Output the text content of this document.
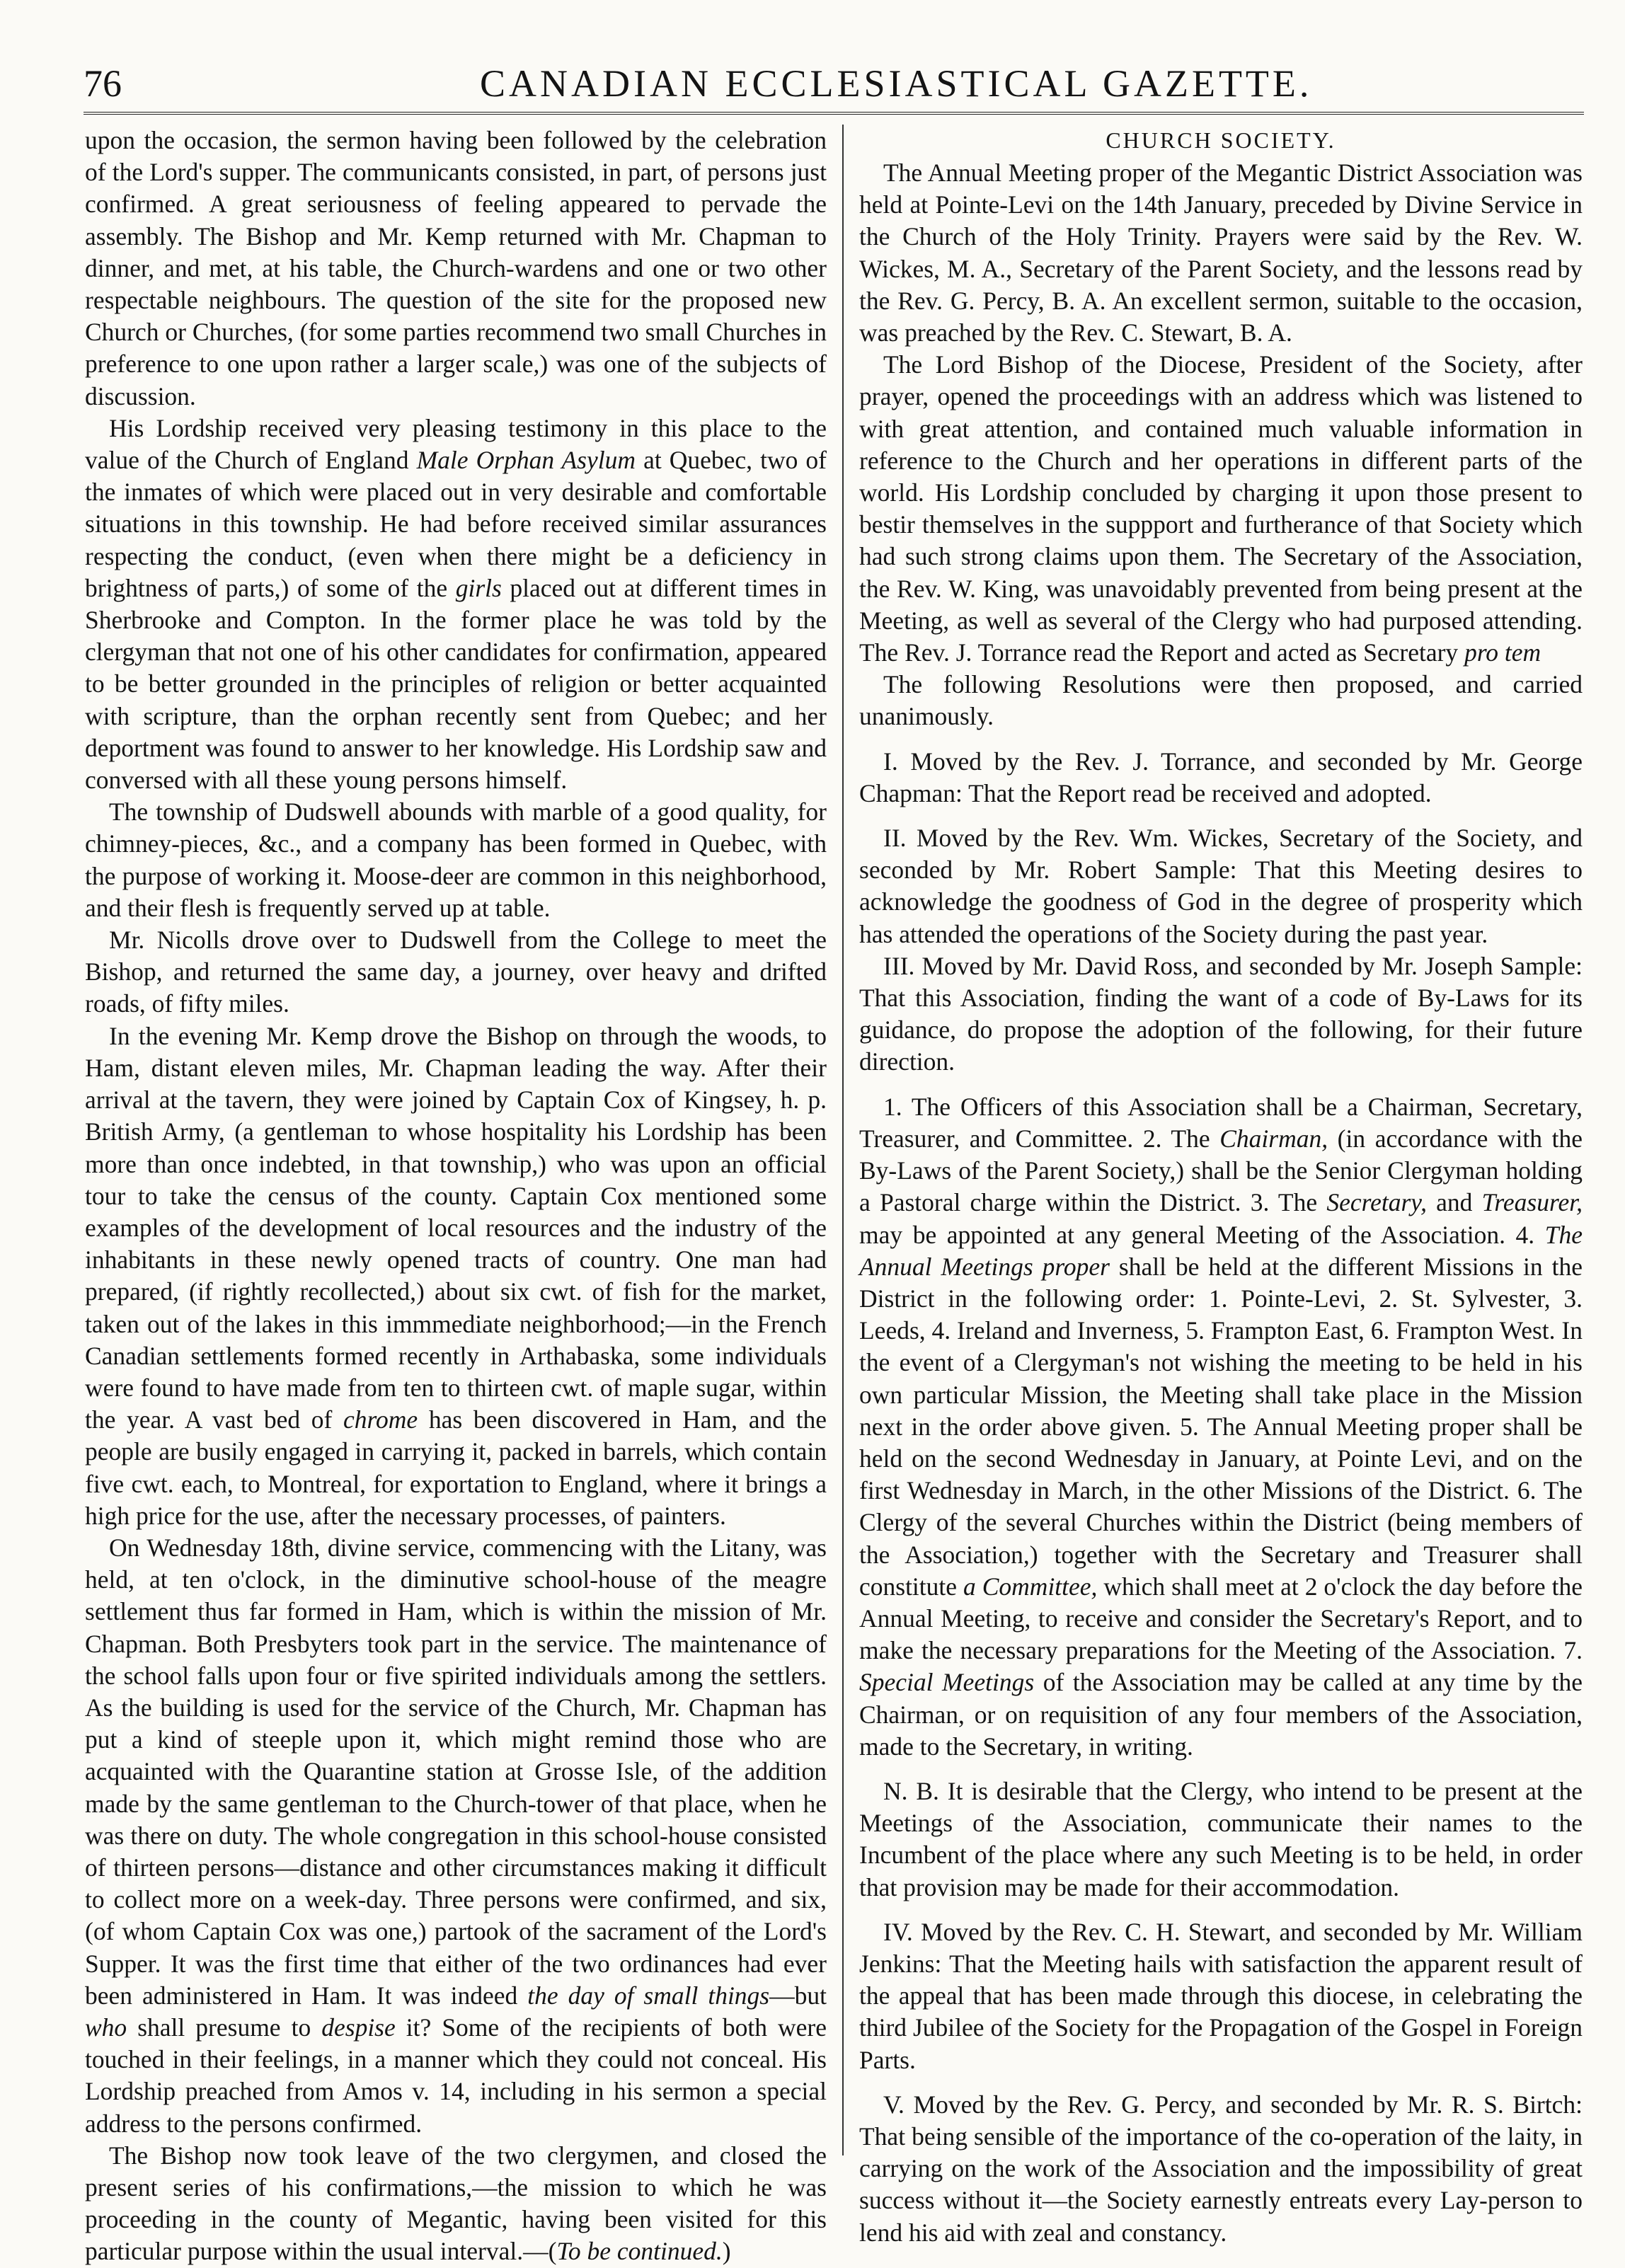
76	CANADIAN ECCLESIASTICAL GAZETTE.

upon the occasion, the sermon having been followed by the celebration of the Lord's supper. The communicants consisted, in part, of persons just confirmed. A great seriousness of feeling appeared to pervade the assembly. The Bishop and Mr. Kemp returned with Mr. Chapman to dinner, and met, at his table, the Church-wardens and one or two other respectable neighbours. The question of the site for the proposed new Church or Churches, (for some parties recommend two small Churches in preference to one upon rather a larger scale,) was one of the subjects of discussion.

His Lordship received very pleasing testimony in this place to the value of the Church of England Male Orphan Asylum at Quebec, two of the inmates of which were placed out in very desirable and comfortable situations in this township. He had before received similar assurances respecting the conduct, (even when there might be a deficiency in brightness of parts,) of some of the girls placed out at different times in Sherbrooke and Compton. In the former place he was told by the clergyman that not one of his other candidates for confirmation, appeared to be better grounded in the principles of religion or better acquainted with scripture, than the orphan recently sent from Quebec; and her deportment was found to answer to her knowledge. His Lordship saw and conversed with all these young persons himself.

The township of Dudswell abounds with marble of a good quality, for chimney-pieces, &c., and a company has been formed in Quebec, with the purpose of working it. Moose-deer are common in this neighborhood, and their flesh is frequently served up at table.

Mr. Nicolls drove over to Dudswell from the College to meet the Bishop, and returned the same day, a journey, over heavy and drifted roads, of fifty miles.

In the evening Mr. Kemp drove the Bishop on through the woods, to Ham, distant eleven miles, Mr. Chapman leading the way. After their arrival at the tavern, they were joined by Captain Cox of Kingsey, h. p. British Army, (a gentleman to whose hospitality his Lordship has been more than once indebted, in that township,) who was upon an official tour to take the census of the county. Captain Cox mentioned some examples of the development of local resources and the industry of the inhabitants in these newly opened tracts of country. One man had prepared, (if rightly recollected,) about six cwt. of fish for the market, taken out of the lakes in this immmediate neighborhood;—in the French Canadian settlements formed recently in Arthabaska, some individuals were found to have made from ten to thirteen cwt. of maple sugar, within the year. A vast bed of chrome has been discovered in Ham, and the people are busily engaged in carrying it, packed in barrels, which contain five cwt. each, to Montreal, for exportation to England, where it brings a high price for the use, after the necessary processes, of painters.

On Wednesday 18th, divine service, commencing with the Litany, was held, at ten o'clock, in the diminutive school-house of the meagre settlement thus far formed in Ham, which is within the mission of Mr. Chapman. Both Presbyters took part in the service. The maintenance of the school falls upon four or five spirited individuals among the settlers. As the building is used for the service of the Church, Mr. Chapman has put a kind of steeple upon it, which might remind those who are acquainted with the Quarantine station at Grosse Isle, of the addition made by the same gentleman to the Church-tower of that place, when he was there on duty. The whole congregation in this school-house consisted of thirteen persons—distance and other circumstances making it difficult to collect more on a week-day. Three persons were confirmed, and six, (of whom Captain Cox was one,) partook of the sacrament of the Lord's Supper. It was the first time that either of the two ordinances had ever been administered in Ham. It was indeed the day of small things—but who shall presume to despise it? Some of the recipients of both were touched in their feelings, in a manner which they could not conceal. His Lordship preached from Amos v. 14, including in his sermon a special address to the persons confirmed.

The Bishop now took leave of the two clergymen, and closed the present series of his confirmations,—the mission to which he was proceeding in the county of Megantic, having been visited for this particular purpose within the usual interval.—(To be continued.)

CHURCH SOCIETY.

The Annual Meeting proper of the Megantic District Association was held at Pointe-Levi on the 14th January, preceded by Divine Service in the Church of the Holy Trinity. Prayers were said by the Rev. W. Wickes, M. A., Secretary of the Parent Society, and the lessons read by the Rev. G. Percy, B. A. An excellent sermon, suitable to the occasion, was preached by the Rev. C. Stewart, B. A.

The Lord Bishop of the Diocese, President of the Society, after prayer, opened the proceedings with an address which was listened to with great attention, and contained much valuable information in reference to the Church and her operations in different parts of the world. His Lordship concluded by charging it upon those present to bestir themselves in the suppport and furtherance of that Society which had such strong claims upon them. The Secretary of the Association, the Rev. W. King, was unavoidably prevented from being present at the Meeting, as well as several of the Clergy who had purposed attending. The Rev. J. Torrance read the Report and acted as Secretary pro tem

The following Resolutions were then proposed, and carried unanimously.

I. Moved by the Rev. J. Torrance, and seconded by Mr. George Chapman: That the Report read be received and adopted.

II. Moved by the Rev. Wm. Wickes, Secretary of the Society, and seconded by Mr. Robert Sample: That this Meeting desires to acknowledge the goodness of God in the degree of prosperity which has attended the operations of the Society during the past year.

III. Moved by Mr. David Ross, and seconded by Mr. Joseph Sample: That this Association, finding the want of a code of By-Laws for its guidance, do propose the adoption of the following, for their future direction.

1. The Officers of this Association shall be a Chairman, Secretary, Treasurer, and Committee. 2. The Chairman, (in accordance with the By-Laws of the Parent Society,) shall be the Senior Clergyman holding a Pastoral charge within the District. 3. The Secretary, and Treasurer, may be appointed at any general Meeting of the Association. 4. The Annual Meetings proper shall be held at the different Missions in the District in the following order: 1. Pointe-Levi, 2. St. Sylvester, 3. Leeds, 4. Ireland and Inverness, 5. Frampton East, 6. Frampton West. In the event of a Clergyman's not wishing the meeting to be held in his own particular Mission, the Meeting shall take place in the Mission next in the order above given. 5. The Annual Meeting proper shall be held on the second Wednesday in January, at Pointe Levi, and on the first Wednesday in March, in the other Missions of the District. 6. The Clergy of the several Churches within the District (being members of the Association,) together with the Secretary and Treasurer shall constitute a Committee, which shall meet at 2 o'clock the day before the Annual Meeting, to receive and consider the Secretary's Report, and to make the necessary preparations for the Meeting of the Association. 7. Special Meetings of the Association may be called at any time by the Chairman, or on requisition of any four members of the Association, made to the Secretary, in writing.

N. B. It is desirable that the Clergy, who intend to be present at the Meetings of the Association, communicate their names to the Incumbent of the place where any such Meeting is to be held, in order that provision may be made for their accommodation.

IV. Moved by the Rev. C. H. Stewart, and seconded by Mr. William Jenkins: That the Meeting hails with satisfaction the apparent result of the appeal that has been made through this diocese, in celebrating the third Jubilee of the Society for the Propagation of the Gospel in Foreign Parts.

V. Moved by the Rev. G. Percy, and seconded by Mr. R. S. Birtch: That being sensible of the importance of the co-operation of the laity, in carrying on the work of the Association and the impossibility of great success without it—the Society earnestly entreats every Lay-person to lend his aid with zeal and constancy.
